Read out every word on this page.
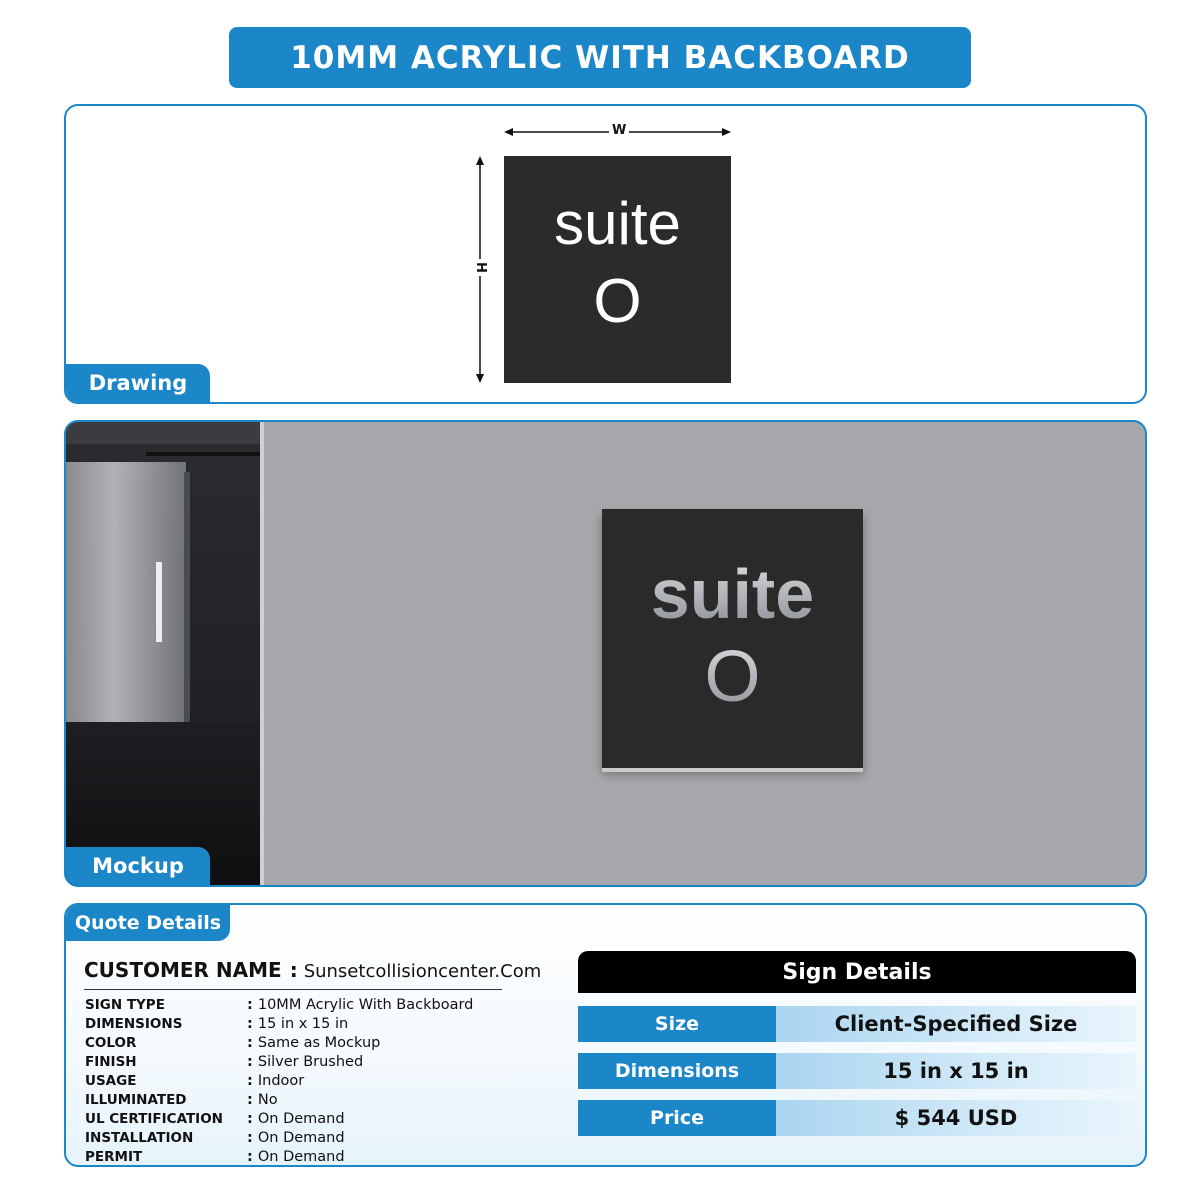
10MM ACRYLIC WITH BACKBOARD
W
H
suite
O
Drawing
suite
O
Mockup
Quote Details
CUSTOMER NAME : Sunsetcollisioncenter.Com
SIGN TYPE	: 10MM Acrylic With Backboard
DIMENSIONS	: 15 in x 15 in
COLOR	: Same as Mockup
FINISH	: Silver Brushed
USAGE	: Indoor
ILLUMINATED	: No
UL CERTIFICATION	: On Demand
INSTALLATION	: On Demand
PERMIT	: On Demand
Sign Details
Size	Client-Specified Size
Dimensions	15 in x 15 in
Price	$ 544 USD
